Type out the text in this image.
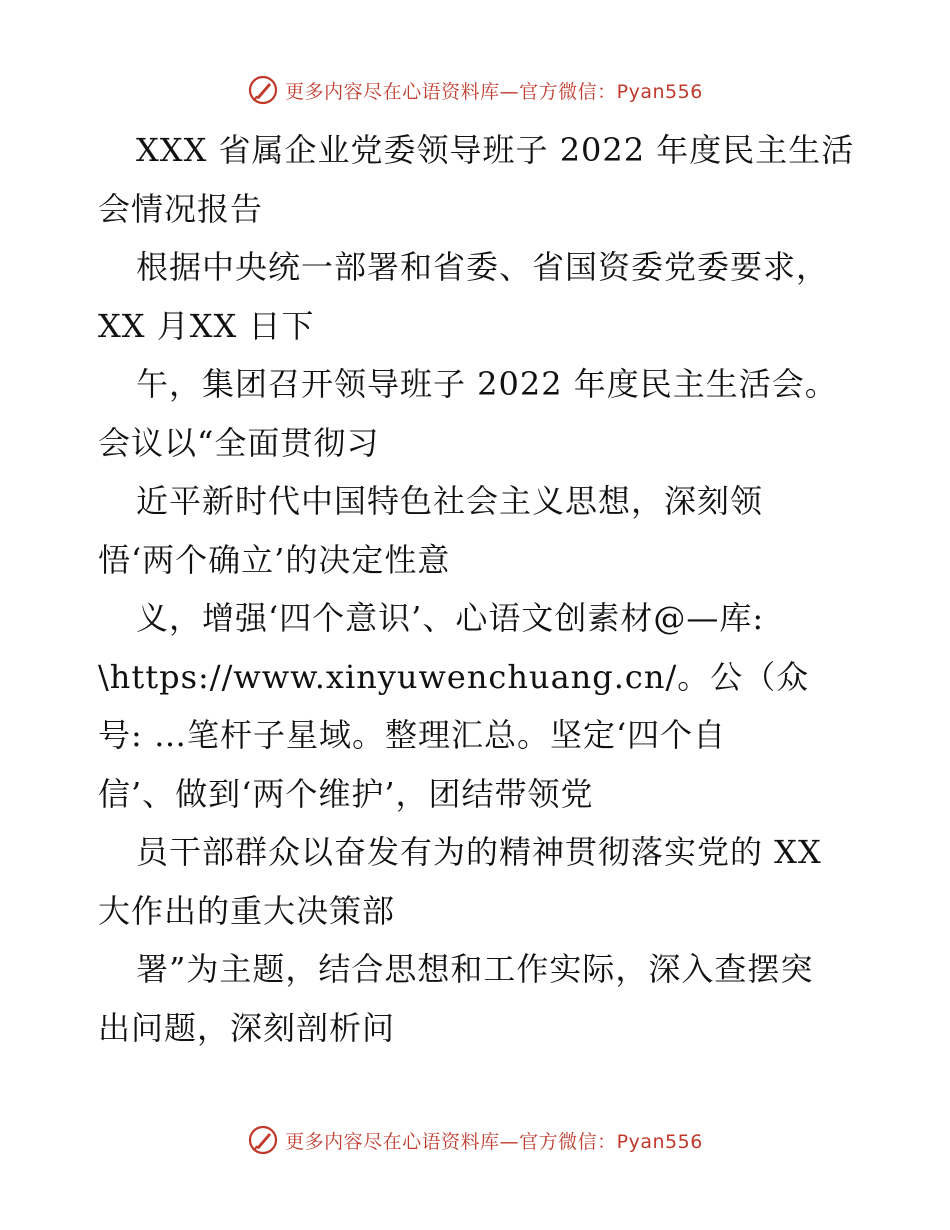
更多内容尽在心语资料库—官方微信：Pyan556
XXX 省属企业党委领导班子 2022 年度民主生活
会情况报告
根据中央统一部署和省委、省国资委党委要求，
XX 月XX 日下
午，集团召开领导班子 2022 年度民主生活会。
会议以“全面贯彻习
近平新时代中国特色社会主义思想，深刻领
悟‘两个确立’的决定性意
义，增强‘四个意识’、心语文创素材@—库:
\https://www.xinyuwenchuang.cn/。公（众
号: …笔杆子星域。整理汇总。坚定‘四个自
信’、做到‘两个维护’，团结带领党
员干部群众以奋发有为的精神贯彻落实党的 XX
大作出的重大决策部
署”为主题，结合思想和工作实际，深入查摆突
出问题，深刻剖析问
更多内容尽在心语资料库—官方微信：Pyan556
